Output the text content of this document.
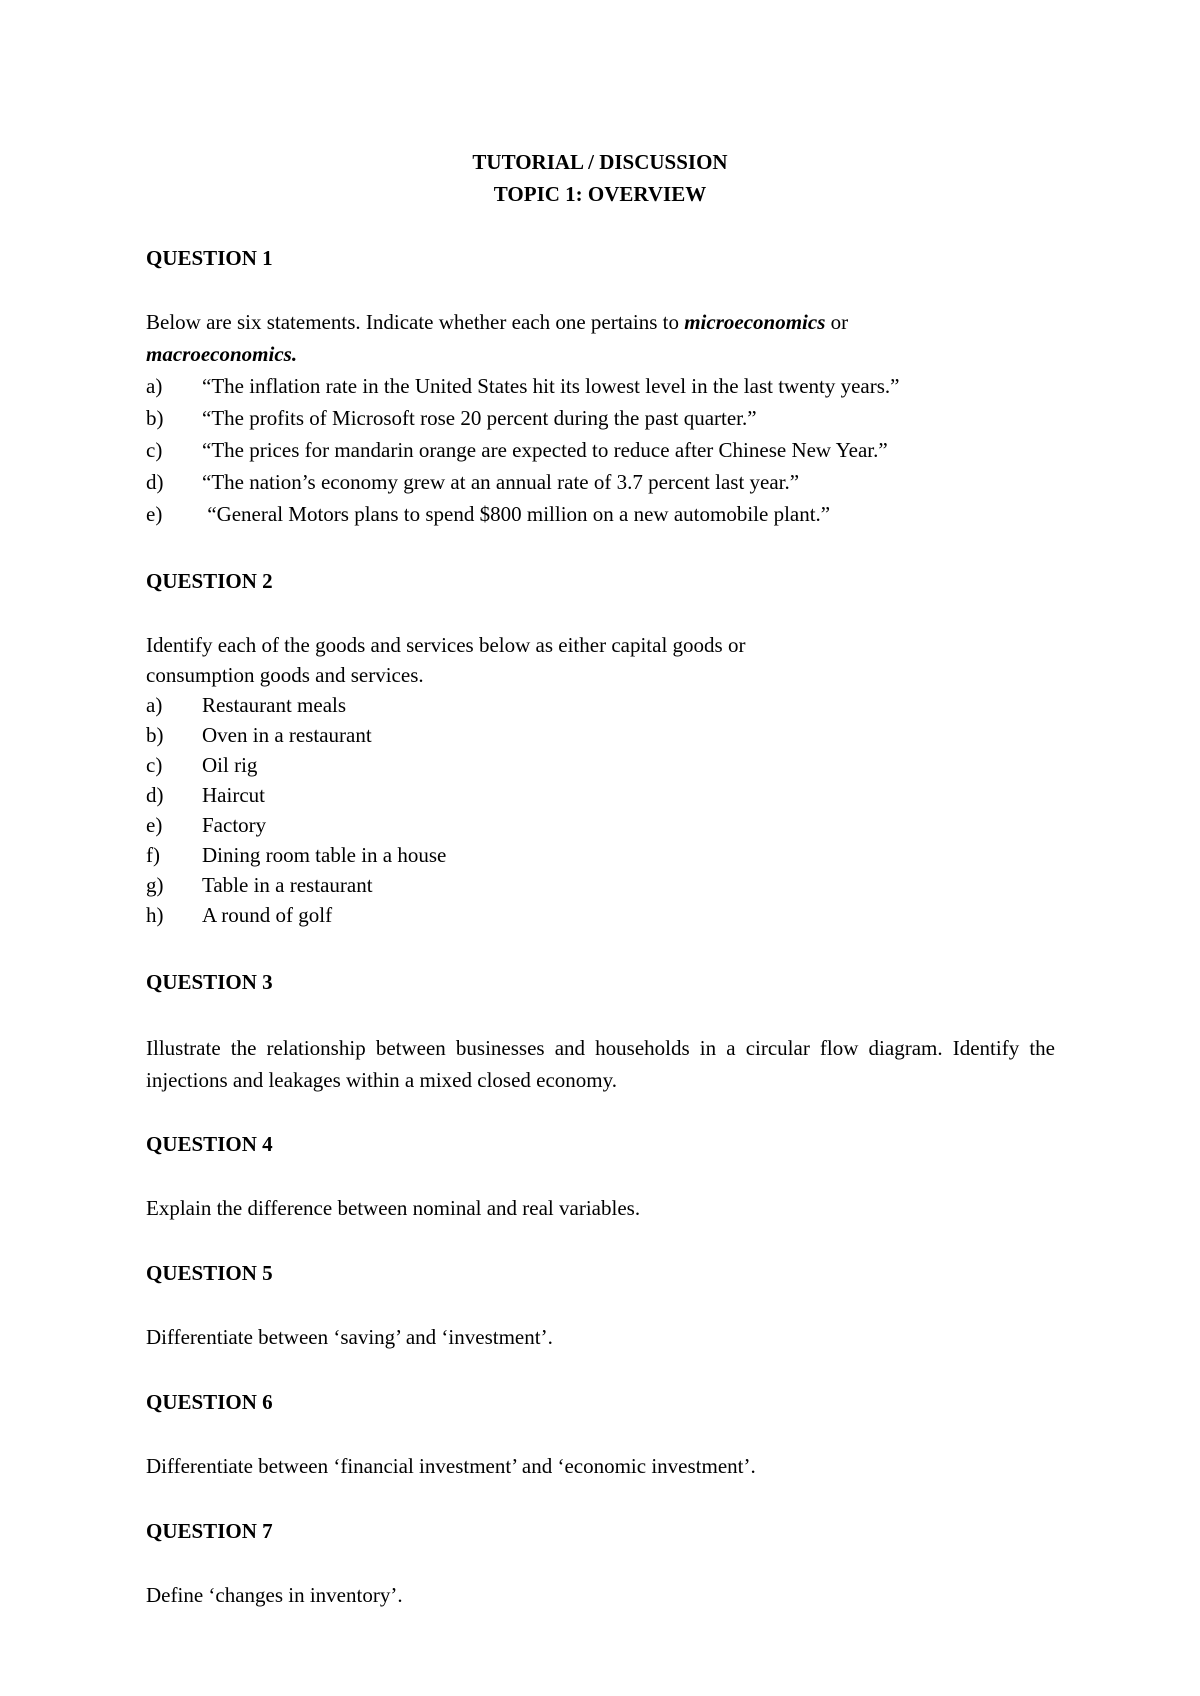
TUTORIAL / DISCUSSION
TOPIC 1: OVERVIEW

QUESTION 1

Below are six statements. Indicate whether each one pertains to microeconomics or
macroeconomics.

a)	“The inflation rate in the United States hit its lowest level in the last twenty years.”
b)	“The profits of Microsoft rose 20 percent during the past quarter.”
c)	“The prices for mandarin orange are expected to reduce after Chinese New Year.”
d)	“The nation’s economy grew at an annual rate of 3.7 percent last year.”
e)	“General Motors plans to spend $800 million on a new automobile plant.”

QUESTION 2

Identify each of the goods and services below as either capital goods or
consumption goods and services.

a)	Restaurant meals
b)	Oven in a restaurant
c)	Oil rig
d)	Haircut
e)	Factory
f)	Dining room table in a house
g)	Table in a restaurant
h)	A round of golf

QUESTION 3

Illustrate the relationship between businesses and households in a circular flow diagram. Identify the injections and leakages within a mixed closed economy.

QUESTION 4

Explain the difference between nominal and real variables.

QUESTION 5

Differentiate between ‘saving’ and ‘investment’.

QUESTION 6

Differentiate between ‘financial investment’ and ‘economic investment’.

QUESTION 7

Define ‘changes in inventory’.
